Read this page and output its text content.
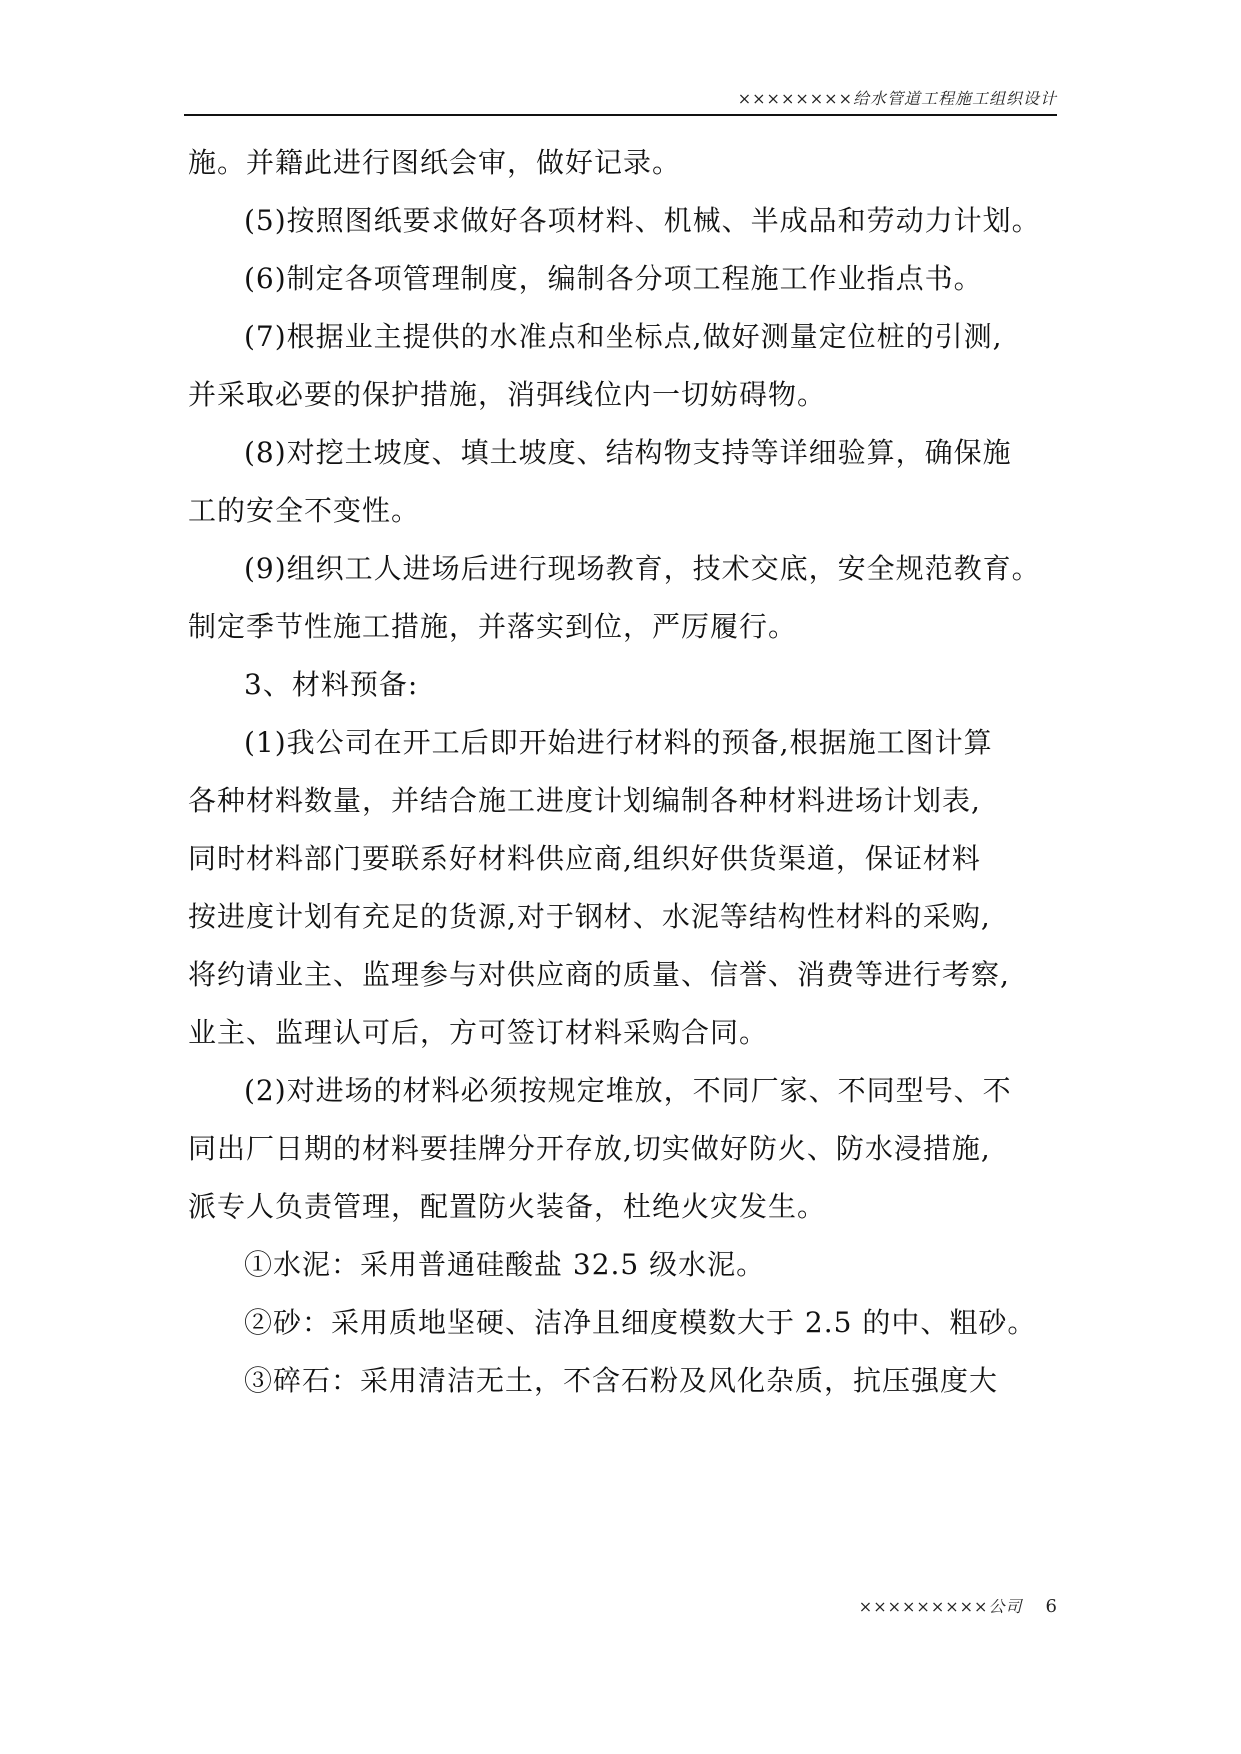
××××××××给水管道工程施工组织设计
施。并籍此进行图纸会审，做好记录。
(5)按照图纸要求做好各项材料、机械、半成品和劳动力计划。
(6)制定各项管理制度，编制各分项工程施工作业指点书。
(7)根据业主提供的水准点和坐标点,做好测量定位桩的引测,
并采取必要的保护措施，消弭线位内一切妨碍物。
(8)对挖土坡度、填土坡度、结构物支持等详细验算，确保施
工的安全不变性。
(9)组织工人进场后进行现场教育，技术交底，安全规范教育。
制定季节性施工措施，并落实到位，严厉履行。
3、材料预备:
(1)我公司在开工后即开始进行材料的预备,根据施工图计算
各种材料数量，并结合施工进度计划编制各种材料进场计划表,
同时材料部门要联系好材料供应商,组织好供货渠道，保证材料
按进度计划有充足的货源,对于钢材、水泥等结构性材料的采购,
将约请业主、监理参与对供应商的质量、信誉、消费等进行考察,
业主、监理认可后，方可签订材料采购合同。
(2)对进场的材料必须按规定堆放，不同厂家、不同型号、不
同出厂日期的材料要挂牌分开存放,切实做好防火、防水浸措施,
派专人负责管理，配置防火装备，杜绝火灾发生。
①水泥：采用普通硅酸盐 32.5 级水泥。
②砂：采用质地坚硬、洁净且细度模数大于 2.5 的中、粗砂。
③碎石：采用清洁无土，不含石粉及风化杂质，抗压强度大
×××××××××公司 6
